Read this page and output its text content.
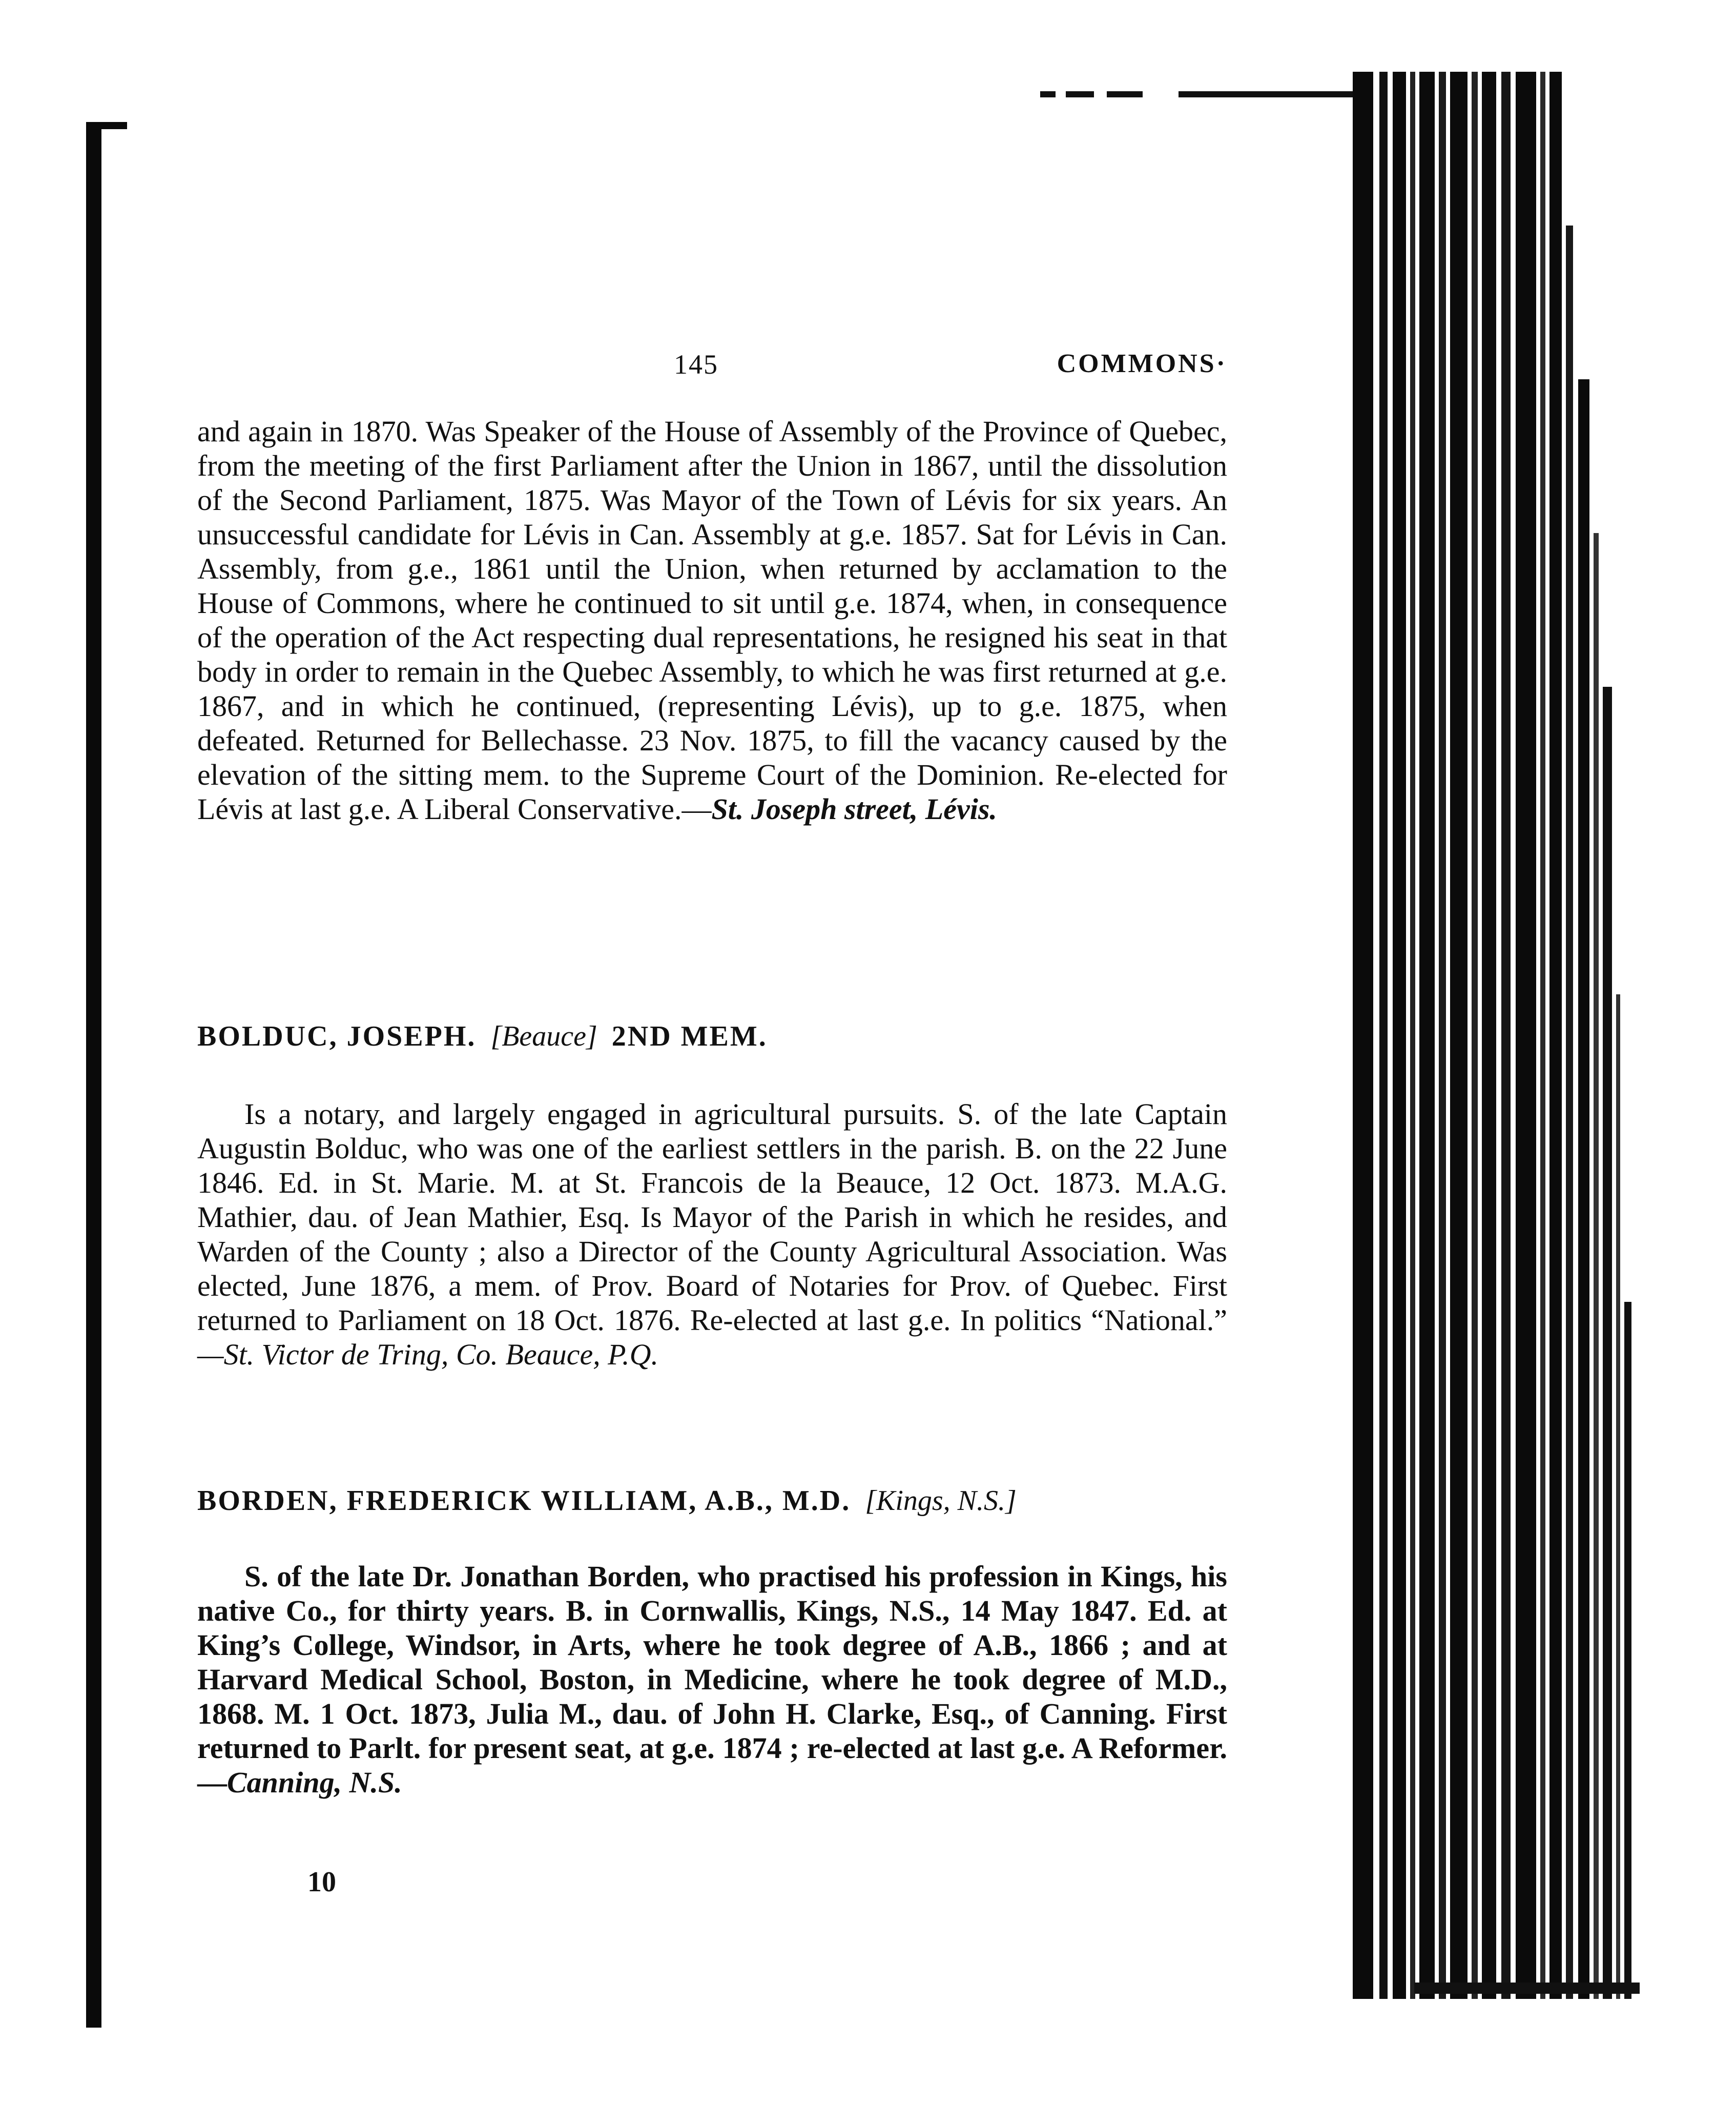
145	COMMONS·
and again in 1870. Was Speaker of the House of Assembly of the Province of Quebec, from the meeting of the first Parliament after the Union in 1867, until the dissolution of the Second Parliament, 1875. Was Mayor of the Town of Lévis for six years. An unsuccessful candidate for Lévis in Can. Assembly at g.e. 1857. Sat for Lévis in Can. Assembly, from g.e., 1861 until the Union, when returned by acclamation to the House of Commons, where he continued to sit until g.e. 1874, when, in consequence of the operation of the Act respecting dual representations, he resigned his seat in that body in order to remain in the Quebec Assembly, to which he was first returned at g.e. 1867, and in which he continued, (representing Lévis), up to g.e. 1875, when defeated. Returned for Bellechasse. 23 Nov. 1875, to fill the vacancy caused by the elevation of the sitting mem. to the Supreme Court of the Dominion. Re-elected for Lévis at last g.e. A Liberal Conservative.—St. Joseph street, Lévis.
BOLDUC, JOSEPH. [Beauce] 2ND MEM.
Is a notary, and largely engaged in agricultural pursuits. S. of the late Captain Augustin Bolduc, who was one of the earliest settlers in the parish. B. on the 22 June 1846. Ed. in St. Marie. M. at St. Francois de la Beauce, 12 Oct. 1873. M.A.G. Mathier, dau. of Jean Mathier, Esq. Is Mayor of the Parish in which he resides, and Warden of the County ; also a Director of the County Agricultural Association. Was elected, June 1876, a mem. of Prov. Board of Notaries for Prov. of Quebec. First returned to Parliament on 18 Oct. 1876. Re-elected at last g.e. In politics “National.” —St. Victor de Tring, Co. Beauce, P.Q.
BORDEN, FREDERICK WILLIAM, A.B., M.D. [Kings, N.S.]
S. of the late Dr. Jonathan Borden, who practised his profession in Kings, his native Co., for thirty years. B. in Cornwallis, Kings, N.S., 14 May 1847. Ed. at King’s College, Windsor, in Arts, where he took degree of A.B., 1866 ; and at Harvard Medical School, Boston, in Medicine, where he took degree of M.D., 1868. M. 1 Oct. 1873, Julia M., dau. of John H. Clarke, Esq., of Canning. First returned to Parlt. for present seat, at g.e. 1874 ; re-elected at last g.e. A Reformer.—Canning, N.S.
10
